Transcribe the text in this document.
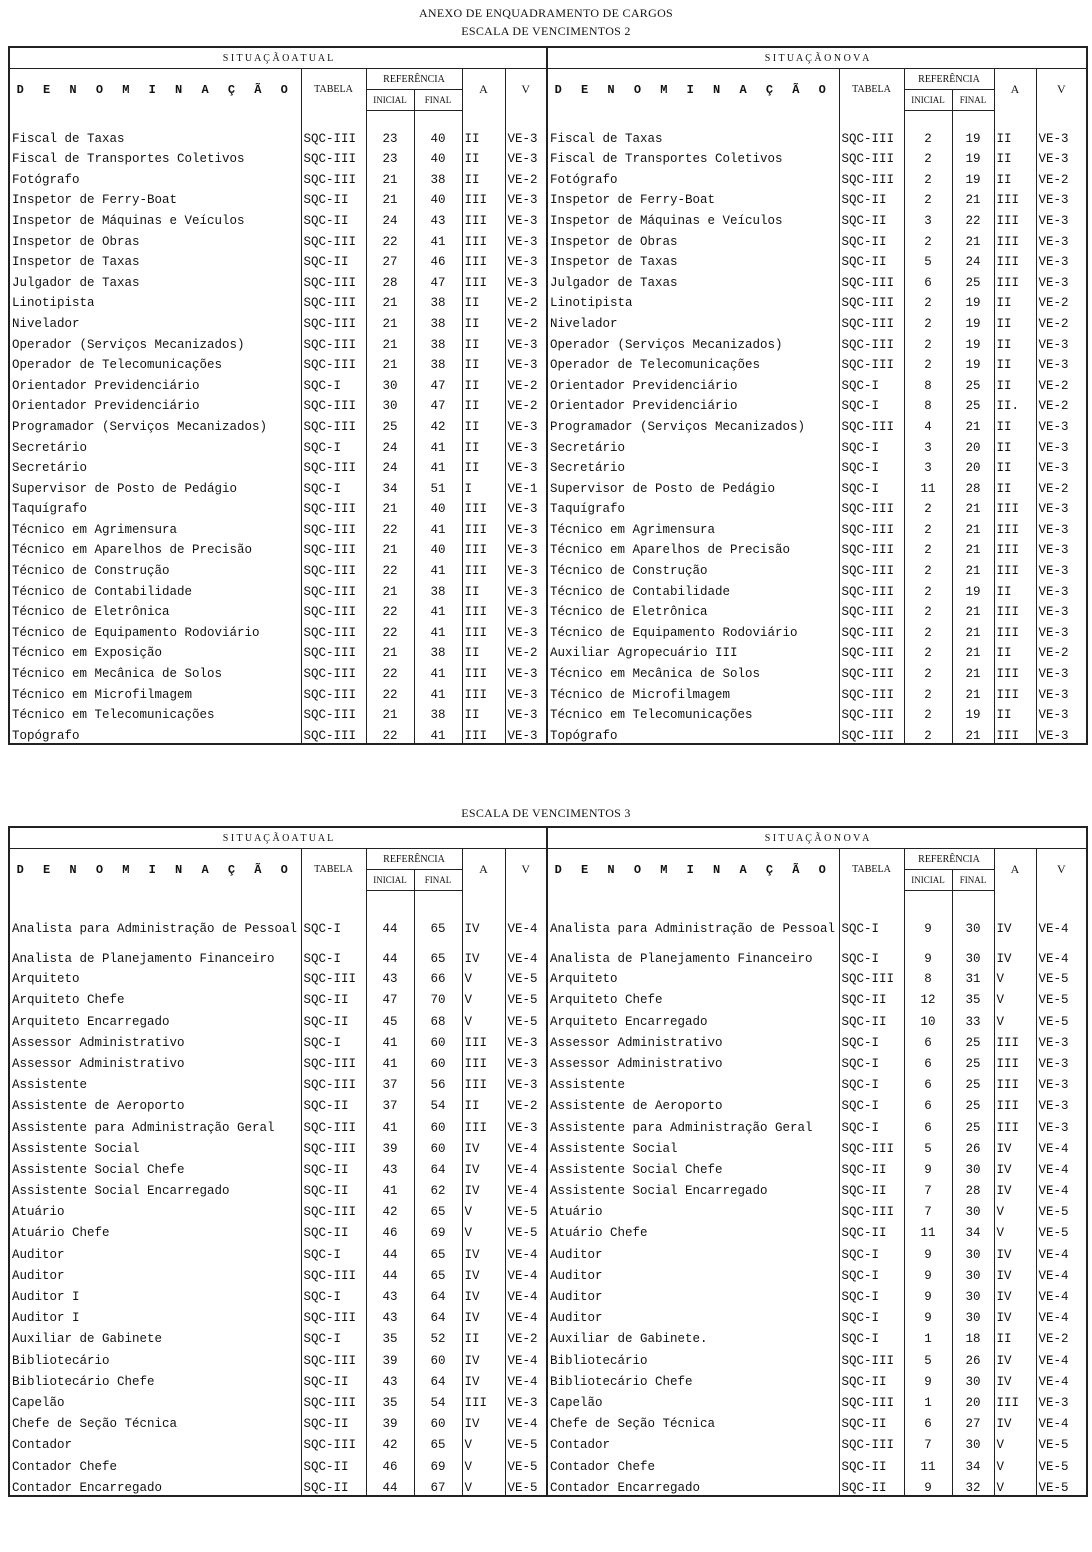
ANEXO DE ENQUADRAMENTO DE CARGOS
ESCALA DE VENCIMENTOS 2
S I T U A Ç Ã O A T U A L						S I T U A Ç Ã O N O V A					
D E N O M I N A Ç Ã O	TABELA	REFERÊNCIA		A	V	D E N O M I N A Ç Ã O	TABELA	REFERÊNCIA		A	V
		INICIAL	FINAL					INICIAL	FINAL		

Fiscal de Taxas	SQC-III	23	40	II	VE-3	Fiscal de Taxas	SQC-III	2	19	II	VE-3
Fiscal de Transportes Coletivos	SQC-III	23	40	II	VE-3	Fiscal de Transportes Coletivos	SQC-III	2	19	II	VE-3
Fotógrafo	SQC-III	21	38	II	VE-2	Fotógrafo	SQC-III	2	19	II	VE-2
Inspetor de Ferry-Boat	SQC-II	21	40	III	VE-3	Inspetor de Ferry-Boat	SQC-II	2	21	III	VE-3
Inspetor de Máquinas e Veículos	SQC-II	24	43	III	VE-3	Inspetor de Máquinas e Veículos	SQC-II	3	22	III	VE-3
Inspetor de Obras	SQC-III	22	41	III	VE-3	Inspetor de Obras	SQC-II	2	21	III	VE-3
Inspetor de Taxas	SQC-II	27	46	III	VE-3	Inspetor de Taxas	SQC-II	5	24	III	VE-3
Julgador de Taxas	SQC-III	28	47	III	VE-3	Julgador de Taxas	SQC-III	6	25	III	VE-3
Linotipista	SQC-III	21	38	II	VE-2	Linotipista	SQC-III	2	19	II	VE-2
Nivelador	SQC-III	21	38	II	VE-2	Nivelador	SQC-III	2	19	II	VE-2
Operador (Serviços Mecanizados)	SQC-III	21	38	II	VE-3	Operador (Serviços Mecanizados)	SQC-III	2	19	II	VE-3
Operador de Telecomunicações	SQC-III	21	38	II	VE-3	Operador de Telecomunicações	SQC-III	2	19	II	VE-3
Orientador Previdenciário	SQC-I	30	47	II	VE-2	Orientador Previdenciário	SQC-I	8	25	II	VE-2
Orientador Previdenciário	SQC-III	30	47	II	VE-2	Orientador Previdenciário	SQC-I	8	25	II.	VE-2
Programador (Serviços Mecanizados)	SQC-III	25	42	II	VE-3	Programador (Serviços Mecanizados)	SQC-III	4	21	II	VE-3
Secretário	SQC-I	24	41	II	VE-3	Secretário	SQC-I	3	20	II	VE-3
Secretário	SQC-III	24	41	II	VE-3	Secretário	SQC-I	3	20	II	VE-3
Supervisor de Posto de Pedágio	SQC-I	34	51	I	VE-1	Supervisor de Posto de Pedágio	SQC-I	11	28	II	VE-2
Taquígrafo	SQC-III	21	40	III	VE-3	Taquígrafo	SQC-III	2	21	III	VE-3
Técnico em Agrimensura	SQC-III	22	41	III	VE-3	Técnico em Agrimensura	SQC-III	2	21	III	VE-3
Técnico em Aparelhos de Precisão	SQC-III	21	40	III	VE-3	Técnico em Aparelhos de Precisão	SQC-III	2	21	III	VE-3
Técnico de Construção	SQC-III	22	41	III	VE-3	Técnico de Construção	SQC-III	2	21	III	VE-3
Técnico de Contabilidade	SQC-III	21	38	II	VE-3	Técnico de Contabilidade	SQC-III	2	19	II	VE-3
Técnico de Eletrônica	SQC-III	22	41	III	VE-3	Técnico de Eletrônica	SQC-III	2	21	III	VE-3
Técnico de Equipamento Rodoviário	SQC-III	22	41	III	VE-3	Técnico de Equipamento Rodoviário	SQC-III	2	21	III	VE-3
Técnico em Exposição	SQC-III	21	38	II	VE-2	Auxiliar Agropecuário III	SQC-III	2	21	II	VE-2
Técnico em Mecânica de Solos	SQC-III	22	41	III	VE-3	Técnico em Mecânica de Solos	SQC-III	2	21	III	VE-3
Técnico em Microfilmagem	SQC-III	22	41	III	VE-3	Técnico de Microfilmagem	SQC-III	2	21	III	VE-3
Técnico em Telecomunicações	SQC-III	21	38	II	VE-3	Técnico em Telecomunicações	SQC-III	2	19	II	VE-3
Topógrafo	SQC-III	22	41	III	VE-3	Topógrafo	SQC-III	2	21	III	VE-3
ESCALA DE VENCIMENTOS 3
S I T U A Ç Ã O A T U A L						S I T U A Ç Ã O N O V A					
D E N O M I N A Ç Ã O	TABELA	REFERÊNCIA		A	V	D E N O M I N A Ç Ã O	TABELA	REFERÊNCIA		A	V
		INICIAL	FINAL					INICIAL	FINAL		

Analista para Administração de Pessoal	SQC-I	44	65	IV	VE-4	Analista para Administração de Pessoal	SQC-I	9	30	IV	VE-4
Analista de Planejamento Financeiro	SQC-I	44	65	IV	VE-4	Analista de Planejamento Financeiro	SQC-I	9	30	IV	VE-4
Arquiteto	SQC-III	43	66	V	VE-5	Arquiteto	SQC-III	8	31	V	VE-5
Arquiteto Chefe	SQC-II	47	70	V	VE-5	Arquiteto Chefe	SQC-II	12	35	V	VE-5
Arquiteto Encarregado	SQC-II	45	68	V	VE-5	Arquiteto Encarregado	SQC-II	10	33	V	VE-5
Assessor Administrativo	SQC-I	41	60	III	VE-3	Assessor Administrativo	SQC-I	6	25	III	VE-3
Assessor Administrativo	SQC-III	41	60	III	VE-3	Assessor Administrativo	SQC-I	6	25	III	VE-3
Assistente	SQC-III	37	56	III	VE-3	Assistente	SQC-I	6	25	III	VE-3
Assistente de Aeroporto	SQC-II	37	54	II	VE-2	Assistente de Aeroporto	SQC-I	6	25	III	VE-3
Assistente para Administração Geral	SQC-III	41	60	III	VE-3	Assistente para Administração Geral	SQC-I	6	25	III	VE-3
Assistente Social	SQC-III	39	60	IV	VE-4	Assistente Social	SQC-III	5	26	IV	VE-4
Assistente Social Chefe	SQC-II	43	64	IV	VE-4	Assistente Social Chefe	SQC-II	9	30	IV	VE-4
Assistente Social Encarregado	SQC-II	41	62	IV	VE-4	Assistente Social Encarregado	SQC-II	7	28	IV	VE-4
Atuário	SQC-III	42	65	V	VE-5	Atuário	SQC-III	7	30	V	VE-5
Atuário Chefe	SQC-II	46	69	V	VE-5	Atuário Chefe	SQC-II	11	34	V	VE-5
Auditor	SQC-I	44	65	IV	VE-4	Auditor	SQC-I	9	30	IV	VE-4
Auditor	SQC-III	44	65	IV	VE-4	Auditor	SQC-I	9	30	IV	VE-4
Auditor I	SQC-I	43	64	IV	VE-4	Auditor	SQC-I	9	30	IV	VE-4
Auditor I	SQC-III	43	64	IV	VE-4	Auditor	SQC-I	9	30	IV	VE-4
Auxiliar de Gabinete	SQC-I	35	52	II	VE-2	Auxiliar de Gabinete.	SQC-I	1	18	II	VE-2
Bibliotecário	SQC-III	39	60	IV	VE-4	Bibliotecário	SQC-III	5	26	IV	VE-4
Bibliotecário Chefe	SQC-II	43	64	IV	VE-4	Bibliotecário Chefe	SQC-II	9	30	IV	VE-4
Capelão	SQC-III	35	54	III	VE-3	Capelão	SQC-III	1	20	III	VE-3
Chefe de Seção Técnica	SQC-II	39	60	IV	VE-4	Chefe de Seção Técnica	SQC-II	6	27	IV	VE-4
Contador	SQC-III	42	65	V	VE-5	Contador	SQC-III	7	30	V	VE-5
Contador Chefe	SQC-II	46	69	V	VE-5	Contador Chefe	SQC-II	11	34	V	VE-5
Contador Encarregado	SQC-II	44	67	V	VE-5	Contador Encarregado	SQC-II	9	32	V	VE-5
